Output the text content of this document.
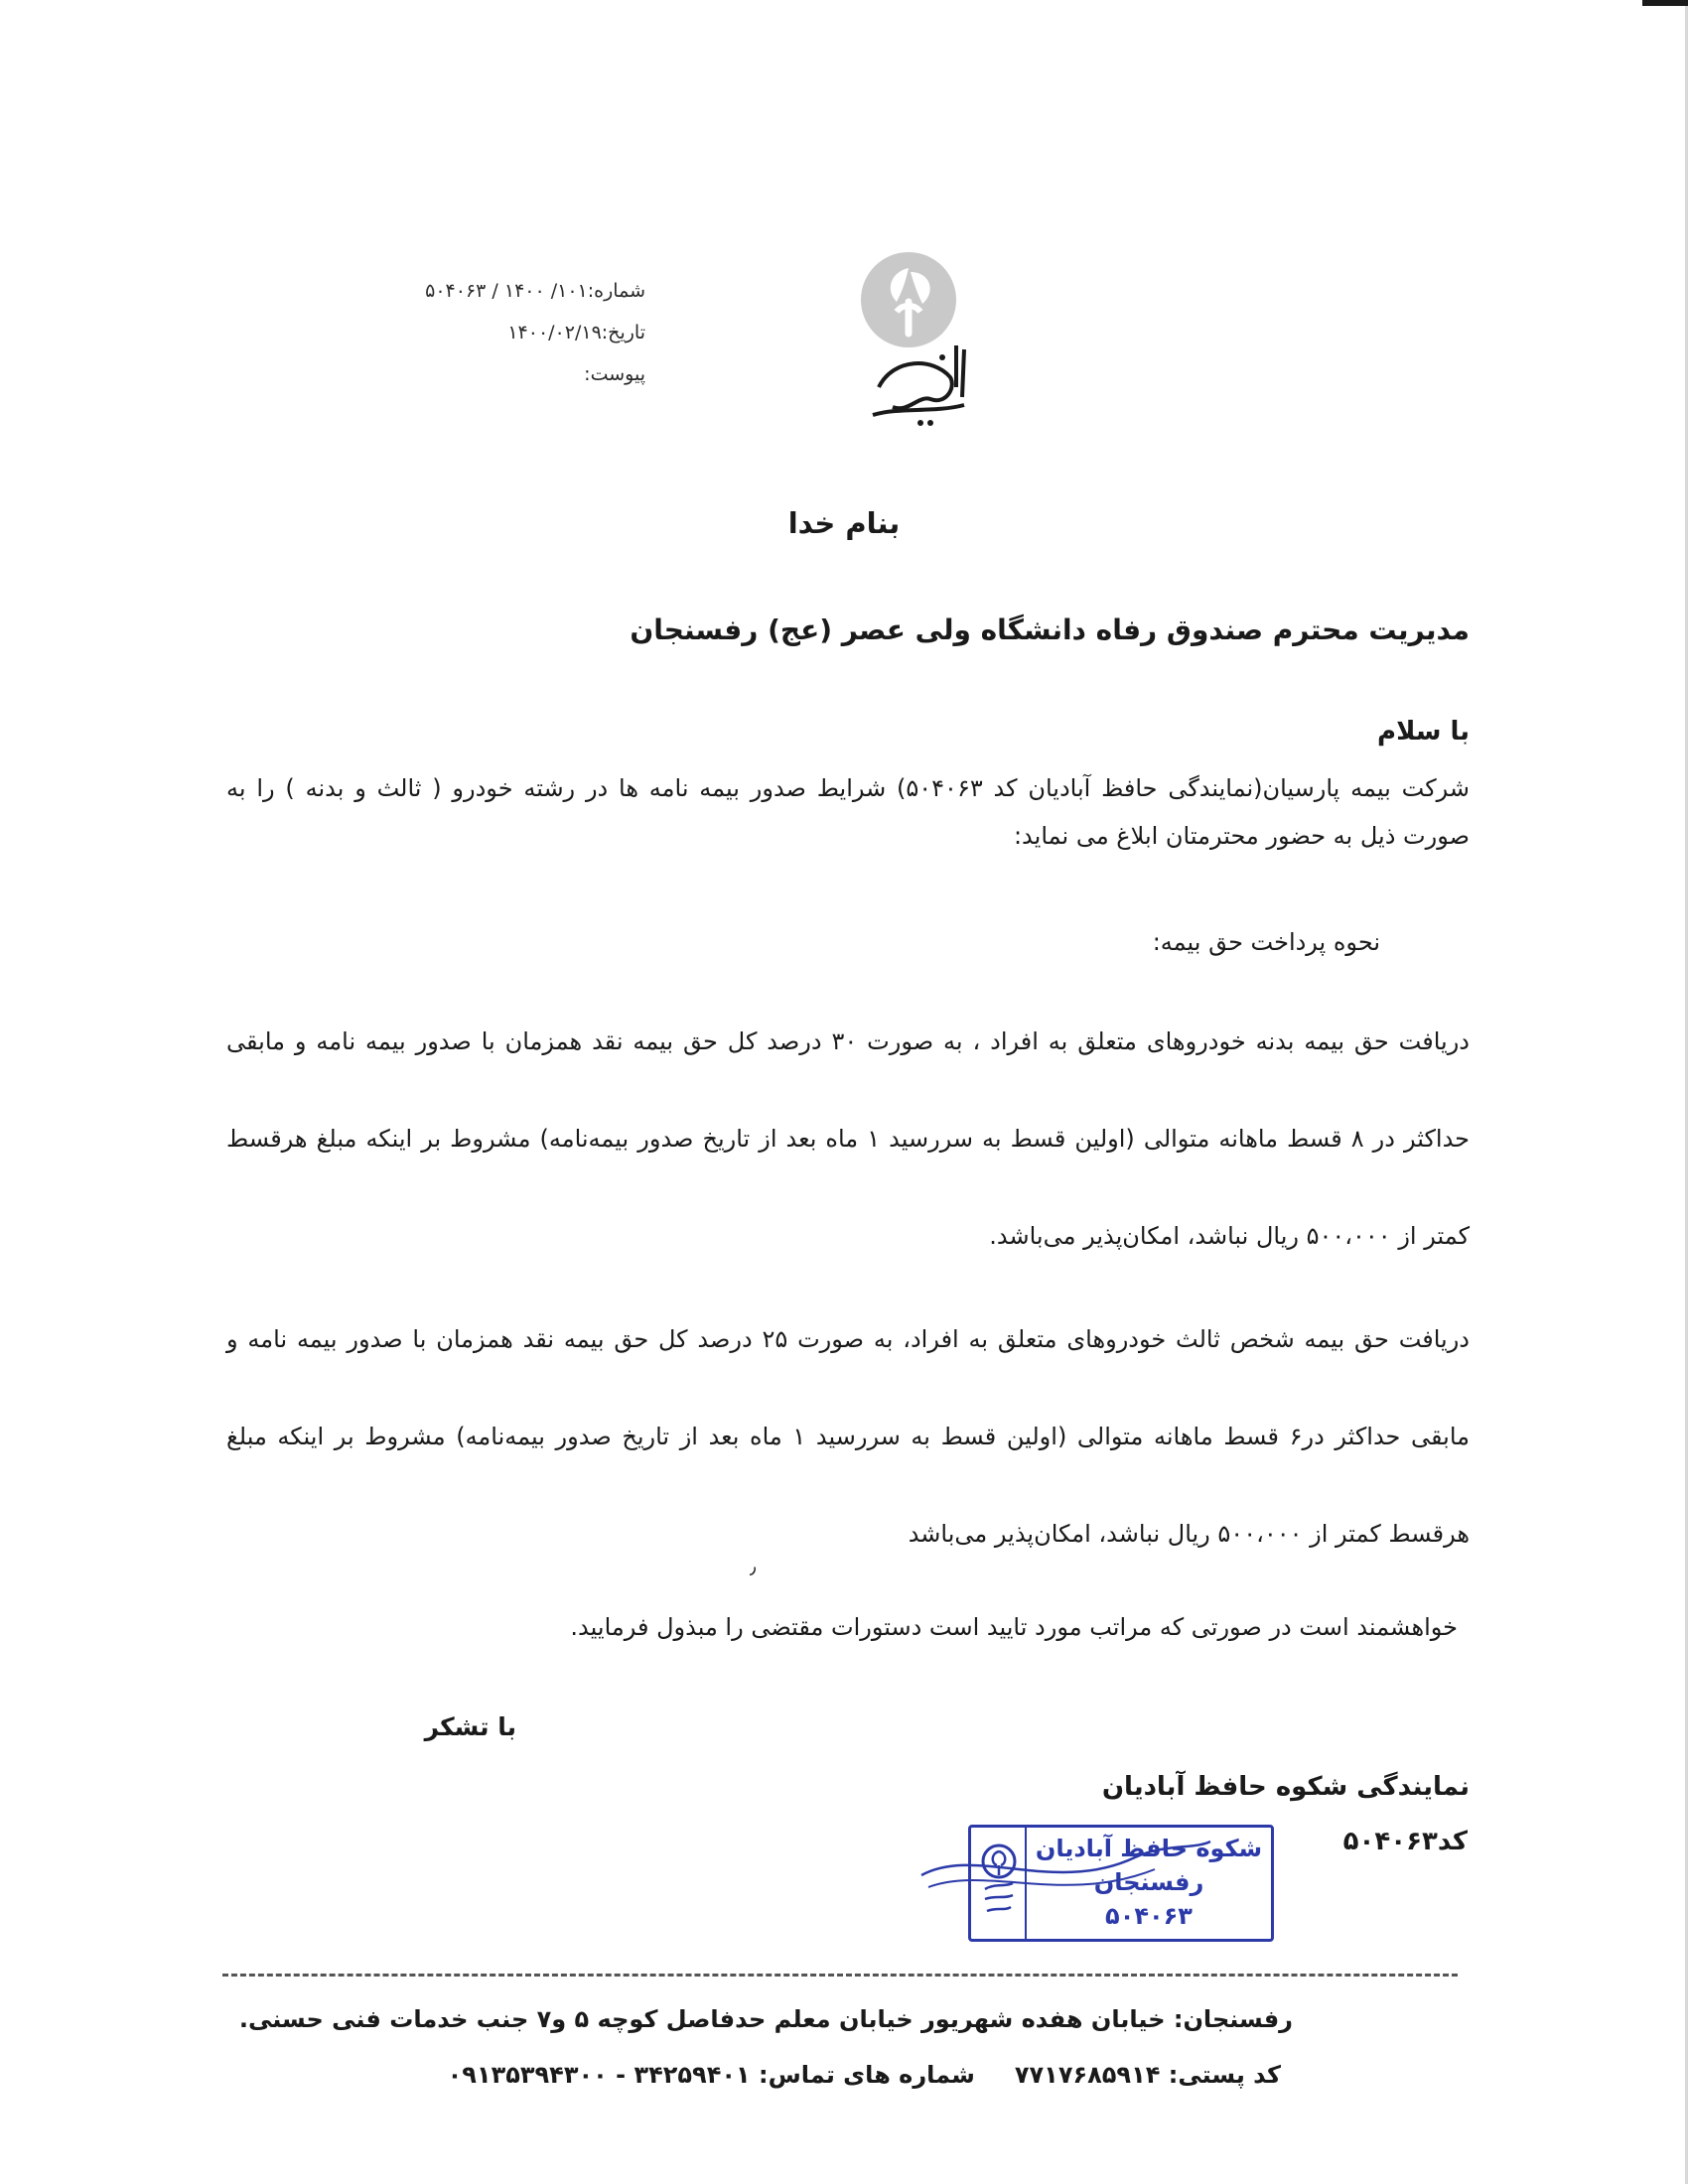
شماره:۱۰۱/ ۱۴۰۰ / ۵۰۴۰۶۳
تاریخ:۱۴۰۰/۰۲/۱۹
پیوست:
بنام خدا
مدیریت محترم صندوق رفاه دانشگاه ولی عصر (عج) رفسنجان
با سلام
شرکت بیمه پارسیان(نمایندگی حافظ آبادیان کد ۵۰۴۰۶۳) شرایط صدور بیمه نامه ها در رشته خودرو ( ثالث و بدنه ) را به صورت ذیل به حضور محترمتان ابلاغ می نماید:
نحوه پرداخت حق بیمه:
دریافت حق بیمه بدنه خودروهای متعلق به افراد ، به صورت ۳۰ درصد کل حق بیمه نقد همزمان با صدور بیمه نامه و مابقی حداکثر در ۸ قسط ماهانه متوالی (اولین قسط به سررسید ۱ ماه بعد از تاریخ صدور بیمه‌نامه) مشروط بر اینکه مبلغ هرقسط کمتر از ۵۰۰،۰۰۰ ریال نباشد، امکان‌پذیر می‌باشد.
دریافت حق بیمه شخص ثالث خودروهای متعلق به افراد، به صورت ۲۵ درصد کل حق بیمه نقد همزمان با صدور بیمه نامه و مابقی حداکثر در۶ قسط ماهانه متوالی (اولین قسط به سررسید ۱ ماه بعد از تاریخ صدور بیمه‌نامه) مشروط بر اینکه مبلغ هرقسط کمتر از ۵۰۰،۰۰۰ ریال نباشد، امکان‌پذیر می‌باشد
٫
خواهشمند است در صورتی که مراتب مورد تایید است دستورات مقتضی را مبذول فرمایید.
با تشکر
نمایندگی شکوه حافظ آبادیان
کد۵۰۴۰۶۳
شکوه حافظ آبادیان
رفسنجان
۵۰۴۰۶۳
رفسنجان: خیابان هفده شهریور خیابان معلم حدفاصل کوچه ۵ و۷ جنب خدمات فنی حسنی.
کد پستی: ۷۷۱۷۶۸۵۹۱۴شماره های تماس: ۳۴۲۵۹۴۰۱ - ۰۹۱۳۵۳۹۴۳۰۰
